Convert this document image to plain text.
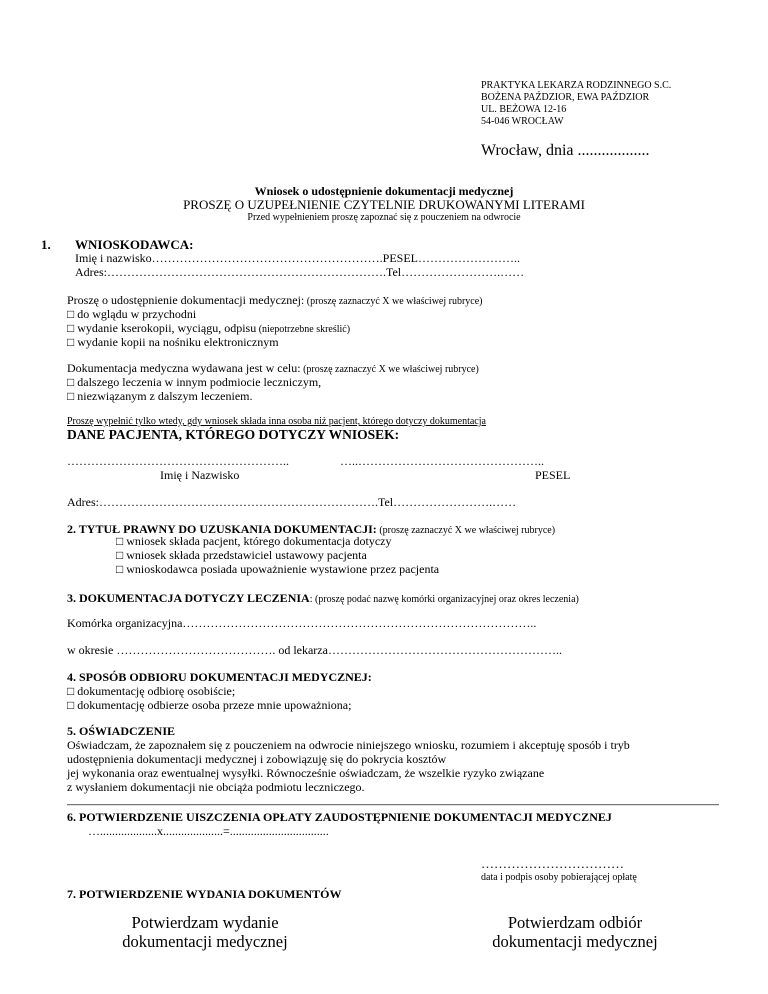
PRAKTYKA LEKARZA RODZINNEGO S.C.
BOŻENA PAŹDZIOR, EWA PAŹDZIOR
UL. BEŻOWA 12-16
54-046 WROCŁAW
Wrocław, dnia ..................
Wniosek o udostępnienie dokumentacji medycznej
PROSZĘ O UZUPEŁNIENIE CZYTELNIE DRUKOWANYMI LITERAMI
Przed wypełnieniem proszę zapoznać się z pouczeniem na odwrocie
1. WNIOSKODAWCA:
Imię i nazwisko………………………………………………….PESEL……………………..
Adres:…………………………………………………………….Tel…………………….……
Proszę o udostępnienie dokumentacji medycznej: (proszę zaznaczyć X we właściwej rubryce)
□ do wglądu w przychodni
□ wydanie kserokopii, wyciągu, odpisu (niepotrzebne skreślić)
□ wydanie kopii na nośniku elektronicznym
Dokumentacja medyczna wydawana jest w celu: (proszę zaznaczyć X we właściwej rubryce)
□ dalszego leczenia w innym podmiocie leczniczym,
□ niezwiązanym z dalszym leczeniem.
Proszę wypełnić tylko wtedy, gdy wniosek składa inna osoba niż pacjent, którego dotyczy dokumentacja
DANE PACJENTA, KTÓREGO DOTYCZY WNIOSEK:
………………………………………………..	…..………………………………………..
Imię i Nazwisko	PESEL
Adres:…………………………………………………………….Tel…………………….……
2. TYTUŁ PRAWNY DO UZUSKANIA DOKUMENTACJI: (proszę zaznaczyć X we właściwej rubryce)
□ wniosek składa pacjent, którego dokumentacja dotyczy
□ wniosek składa przedstawiciel ustawowy pacjenta
□ wnioskodawca posiada upoważnienie wystawione przez pacjenta
3. DOKUMENTACJA DOTYCZY LECZENIA: (proszę podać nazwę komórki organizacyjnej oraz okres leczenia)
Komórka organizacyjna……………………………………………………………………………..
w okresie …………………………………. od lekarza…………………………………………………..
4. SPOSÓB ODBIORU DOKUMENTACJI MEDYCZNEJ:
□ dokumentację odbiorę osobiście;
□ dokumentację odbierze osoba przeze mnie upoważniona;
5. OŚWIADCZENIE
Oświadczam, że zapoznałem się z pouczeniem na odwrocie niniejszego wniosku, rozumiem i akceptuję sposób i tryb
udostępnienia dokumentacji medycznej i zobowiązuję się do pokrycia kosztów
jej wykonania oraz ewentualnej wysyłki. Równocześnie oświadczam, że wszelkie ryzyko związane
z wysłaniem dokumentacji nie obciąża podmiotu leczniczego.
6. POTWIERDZENIE UISZCZENIA OPŁATY ZAUDOSTĘPNIENIE DOKUMENTACJI MEDYCZNEJ
…...................x....................=.................................
……………………………
data i podpis osoby pobierającej opłatę
7. POTWIERDZENIE WYDANIA DOKUMENTÓW
Potwierdzam wydanie
dokumentacji medycznej
Potwierdzam odbiór
dokumentacji medycznej
